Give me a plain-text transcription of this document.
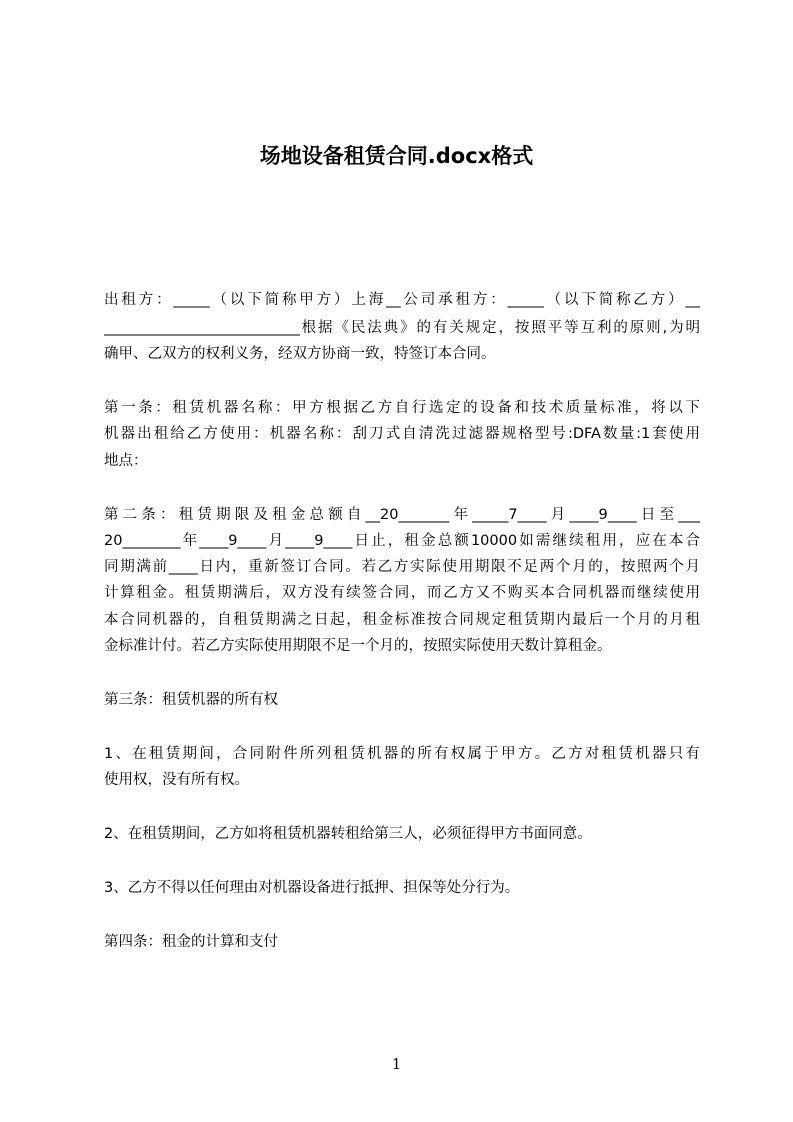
场地设备租赁合同.docx格式
出租方：_____（以下简称甲方）上海__公司承租方：_____（以下简称乙方）__
___________________________根据《民法典》的有关规定，按照平等互利的原则,为明
确甲、乙双方的权利义务，经双方协商一致，特签订本合同。
第一条：租赁机器名称：甲方根据乙方自行选定的设备和技术质量标准，将以下
机器出租给乙方使用：机器名称：刮刀式自清洗过滤器规格型号:DFA数量:1套使用
地点：
第二条：租赁期限及租金总额自__20_______年_____7____月____9____日至___
20________年____9____月____9____日止，租金总额10000如需继续租用，应在本合
同期满前____日内，重新签订合同。若乙方实际使用期限不足两个月的，按照两个月
计算租金。租赁期满后，双方没有续签合同，而乙方又不购买本合同机器而继续使用
本合同机器的，自租赁期满之日起，租金标准按合同规定租赁期内最后一个月的月租
金标准计付。若乙方实际使用期限不足一个月的，按照实际使用天数计算租金。
第三条：租赁机器的所有权
1、在租赁期间，合同附件所列租赁机器的所有权属于甲方。乙方对租赁机器只有
使用权，没有所有权。
2、在租赁期间，乙方如将租赁机器转租给第三人，必须征得甲方书面同意。
3、乙方不得以任何理由对机器设备进行抵押、担保等处分行为。
第四条：租金的计算和支付
1
